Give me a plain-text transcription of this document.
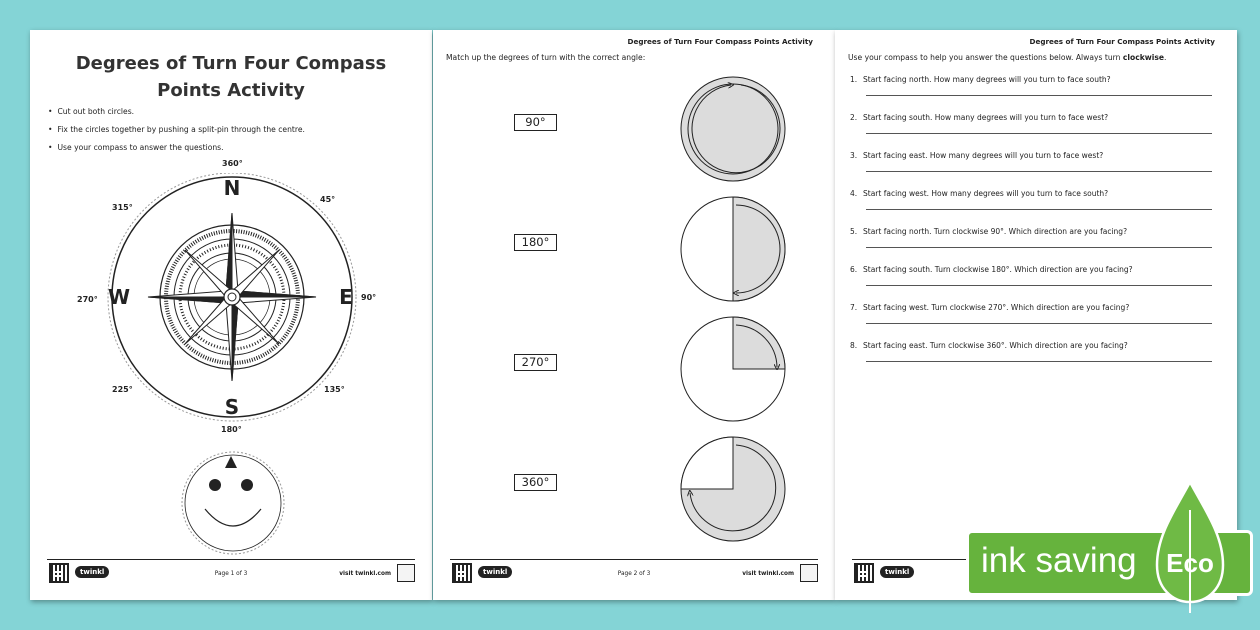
Degrees of Turn Four Compass
Points Activity
• Cut out both circles.
• Fix the circles together by pushing a split-pin through the centre.
• Use your compass to answer the questions.
360°
45°
90°
135°
180°
225°
270°
315°
N
E
S
W
twinkl	Page 1 of 3	visit twinkl.com
Degrees of Turn Four Compass Points Activity
Match up the degrees of turn with the correct angle:
90°
180°
270°
360°
twinkl	Page 2 of 3	visit twinkl.com
Degrees of Turn Four Compass Points Activity
Use your compass to help you answer the questions below. Always turn clockwise.
1. Start facing north. How many degrees will you turn to face south?
2. Start facing south. How many degrees will you turn to face west?
3. Start facing east. How many degrees will you turn to face west?
4. Start facing west. How many degrees will you turn to face south?
5. Start facing north. Turn clockwise 90°. Which direction are you facing?
6. Start facing south. Turn clockwise 180°. Which direction are you facing?
7. Start facing west. Turn clockwise 270°. Which direction are you facing?
8. Start facing east. Turn clockwise 360°. Which direction are you facing?
twinkl ink saving Eco
